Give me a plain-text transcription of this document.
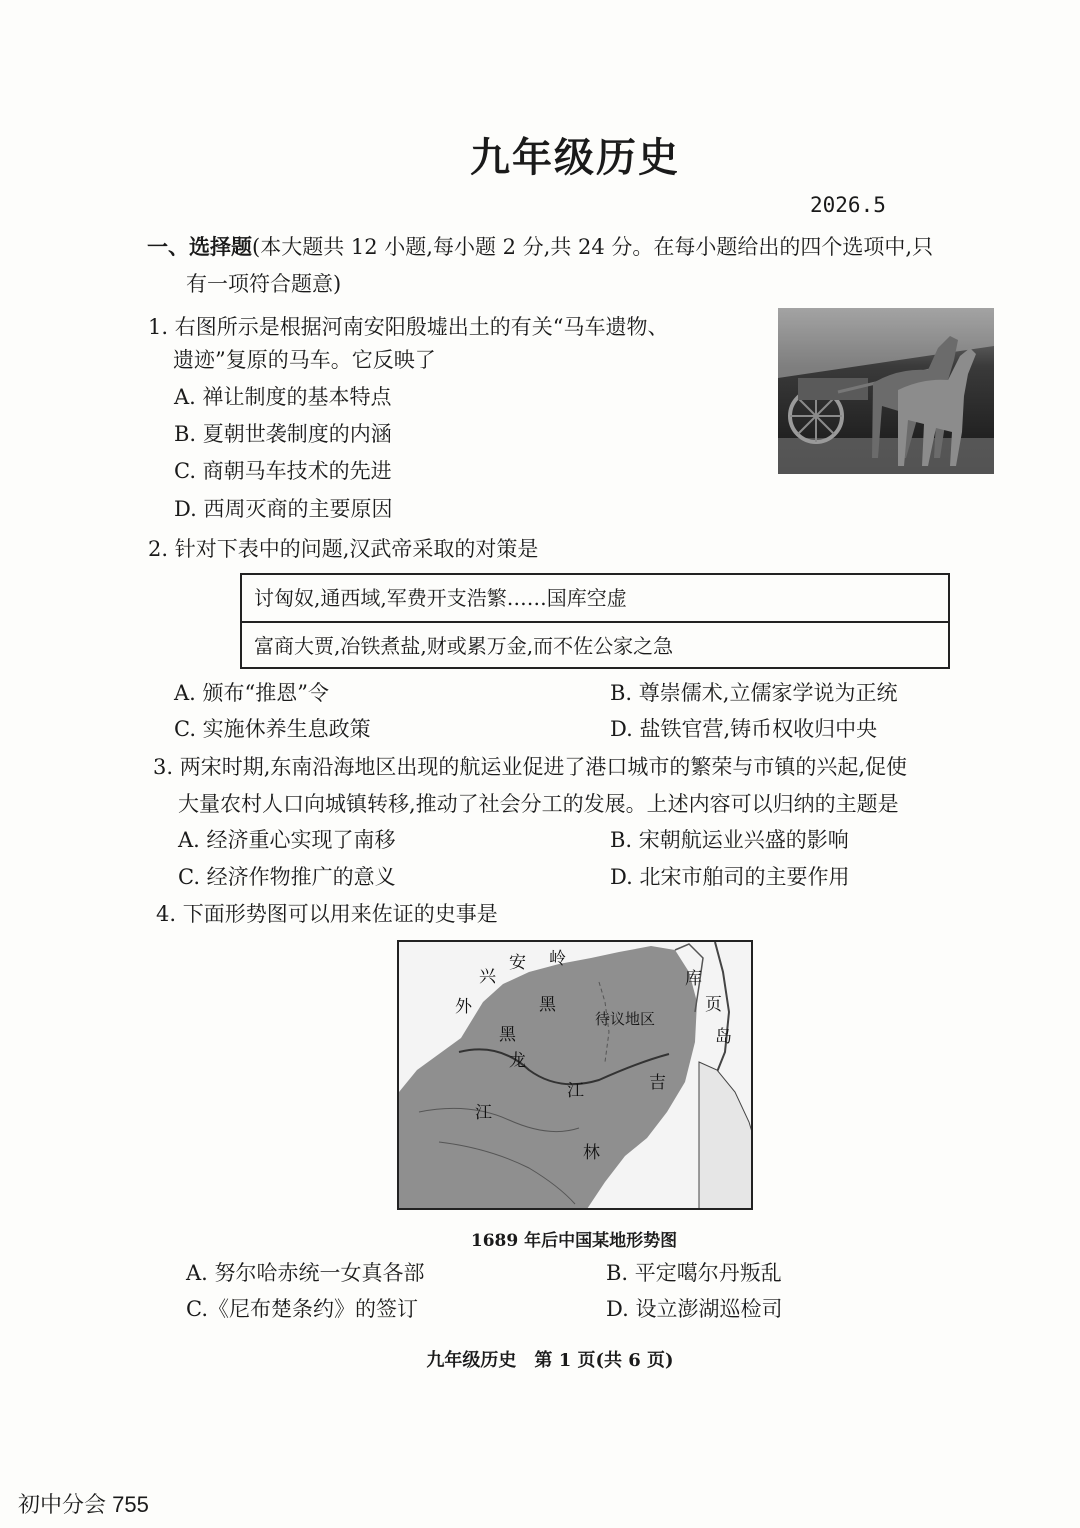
九年级历史
2026.5
一、选择题(本大题共 12 小题,每小题 2 分,共 24 分。在每小题给出的四个选项中,只
有一项符合题意)
1. 右图所示是根据河南安阳殷墟出土的有关“马车遗物、
遗迹”复原的马车。它反映了
A. 禅让制度的基本特点
B. 夏朝世袭制度的内涵
C. 商朝马车技术的先进
D. 西周灭商的主要原因
2. 针对下表中的问题,汉武帝采取的对策是
讨匈奴,通西域,军费开支浩繁……国库空虚
富商大贾,冶铁煮盐,财或累万金,而不佐公家之急
A. 颁布“推恩”令	B. 尊崇儒术,立儒家学说为正统
C. 实施休养生息政策	D. 盐铁官营,铸币权收归中央
3. 两宋时期,东南沿海地区出现的航运业促进了港口城市的繁荣与市镇的兴起,促使
大量农村人口向城镇转移,推动了社会分工的发展。上述内容可以归纳的主题是
A. 经济重心实现了南移	B. 宋朝航运业兴盛的影响
C. 经济作物推广的意义	D. 北宋市舶司的主要作用
4. 下面形势图可以用来佐证的史事是
外
兴
安 岭
黑
待议地区
库
页
岛
黑
龙
江
江	吉
林
1689 年后中国某地形势图
A. 努尔哈赤统一女真各部	B. 平定噶尔丹叛乱
C.《尼布楚条约》的签订	D. 设立澎湖巡检司
九年级历史　第 1 页(共 6 页)
初中分会 755
